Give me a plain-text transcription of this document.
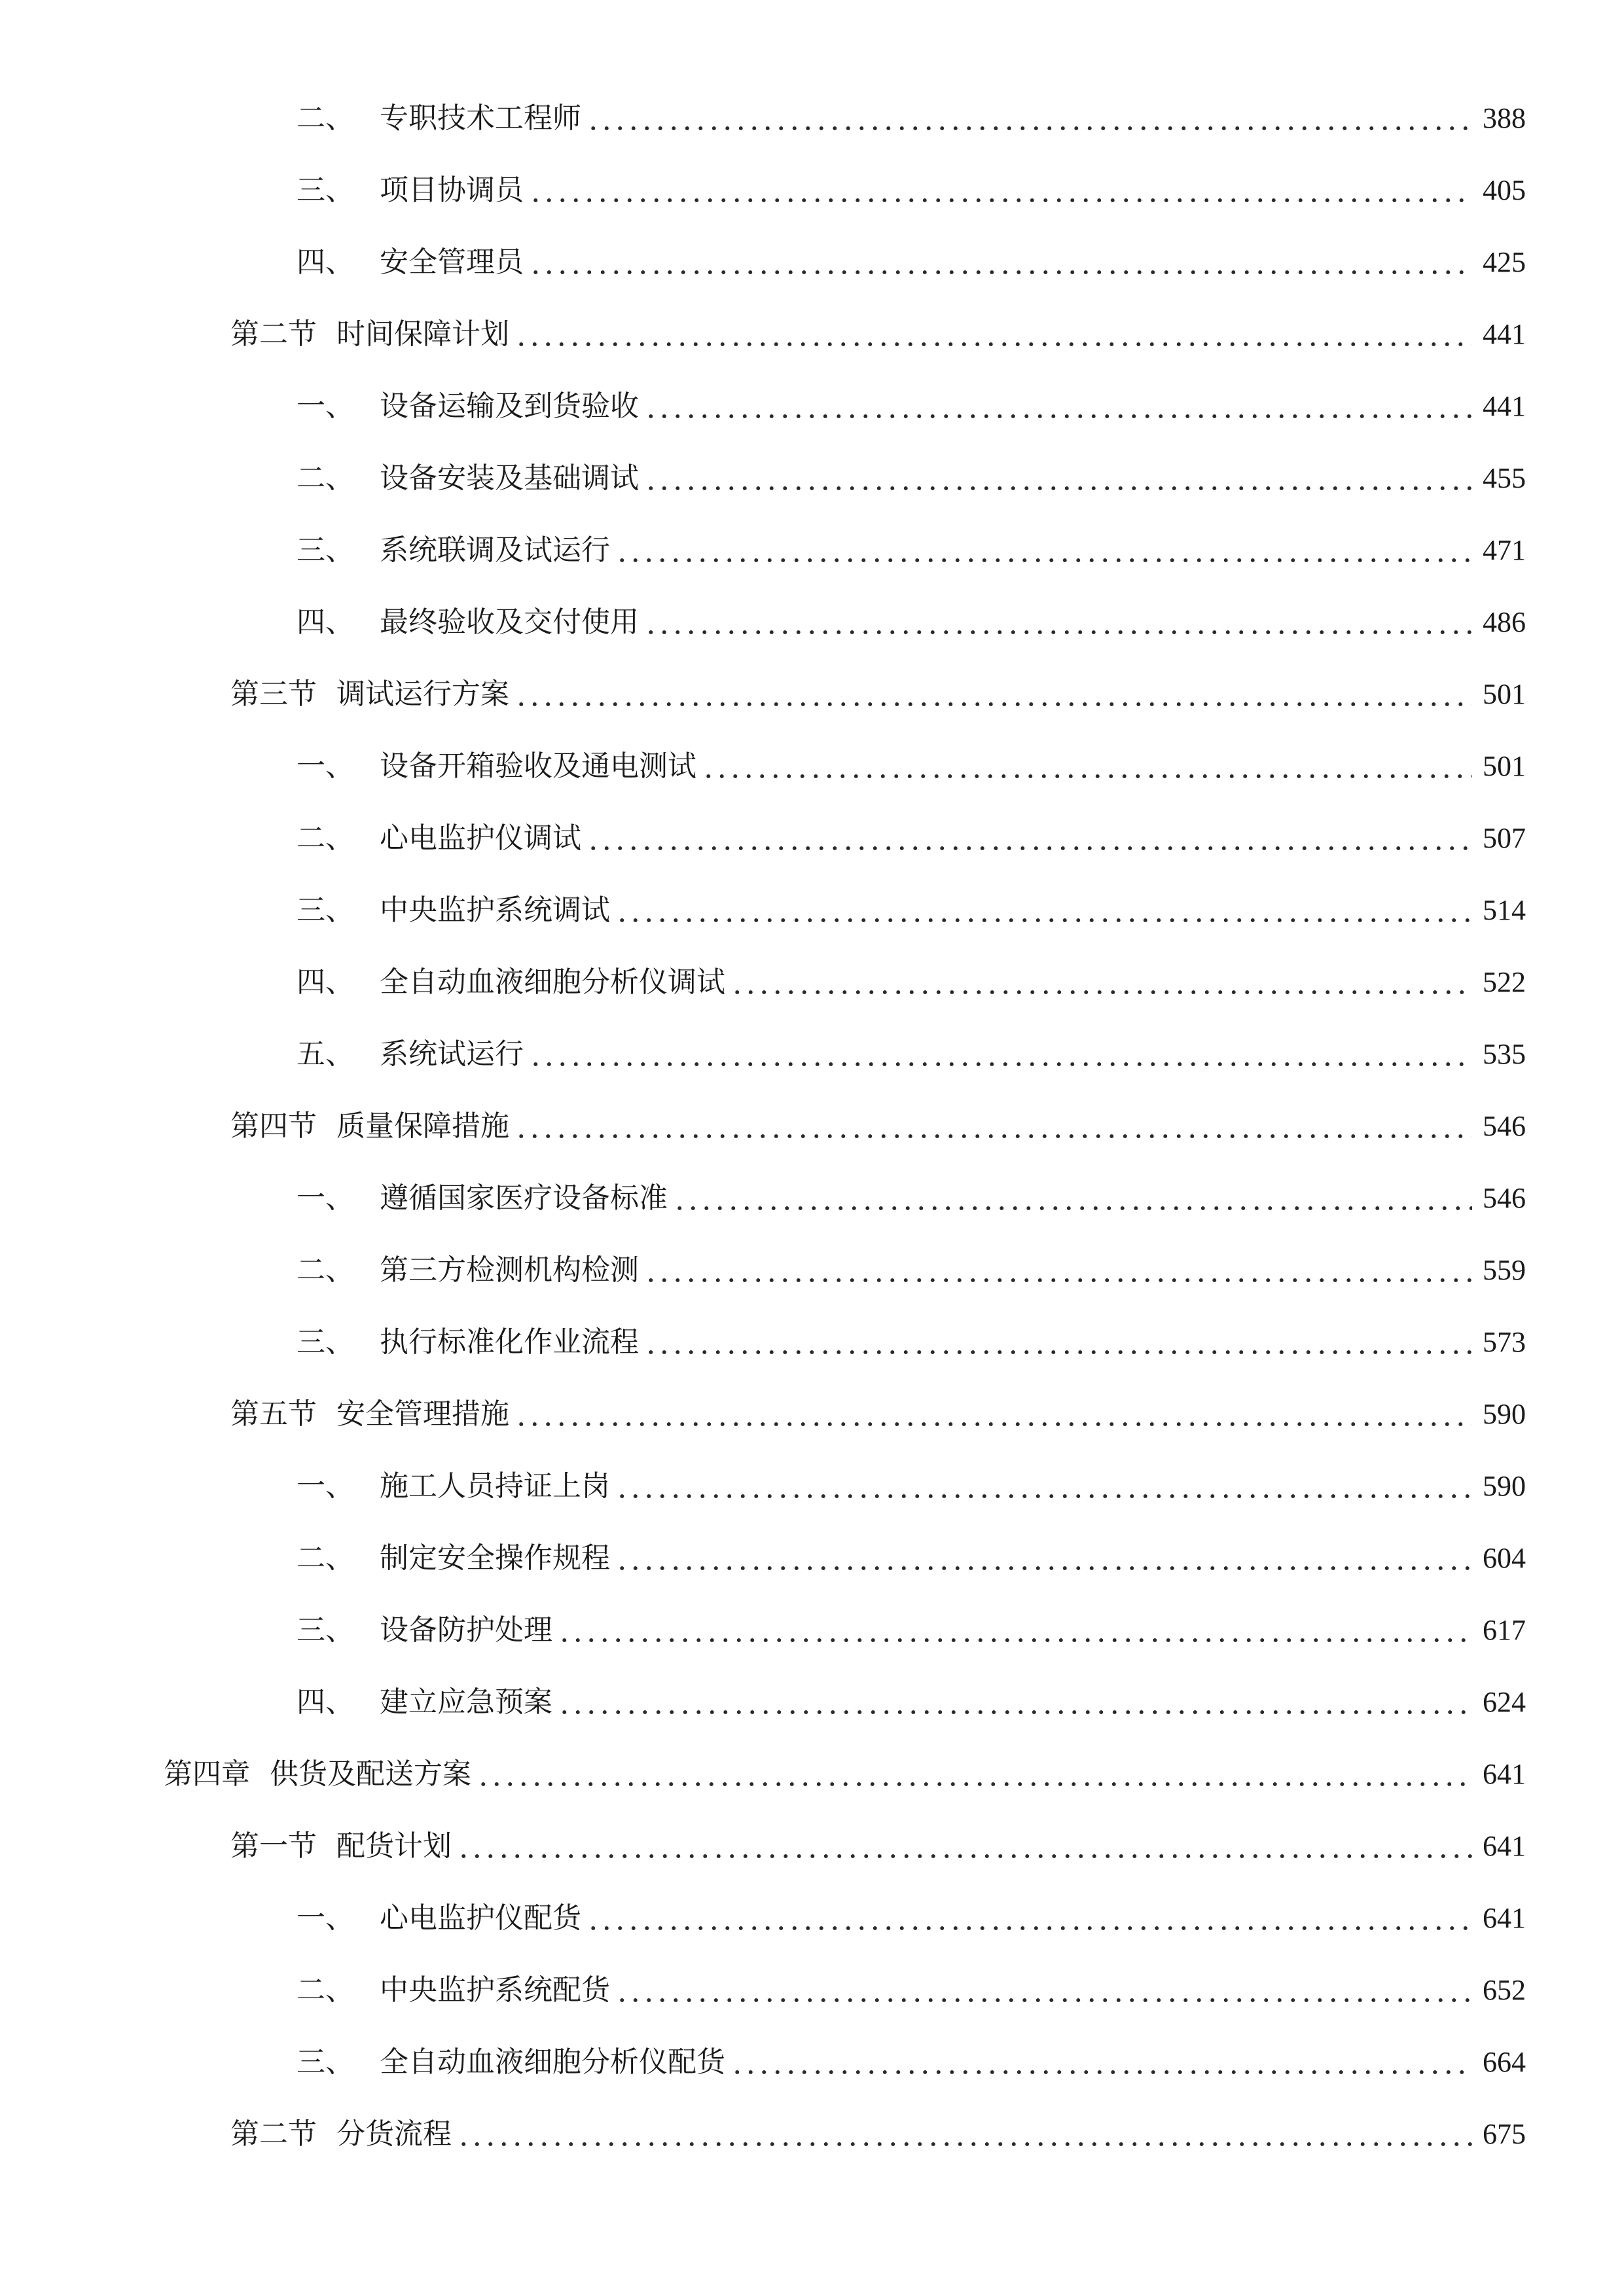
二、 专职技术工程师	388
三、 项目协调员	405
四、 安全管理员	425
第二节 时间保障计划	441
一、 设备运输及到货验收	441
二、 设备安装及基础调试	455
三、 系统联调及试运行	471
四、 最终验收及交付使用	486
第三节 调试运行方案	501
一、 设备开箱验收及通电测试	501
二、 心电监护仪调试	507
三、 中央监护系统调试	514
四、 全自动血液细胞分析仪调试	522
五、 系统试运行	535
第四节 质量保障措施	546
一、 遵循国家医疗设备标准	546
二、 第三方检测机构检测	559
三、 执行标准化作业流程	573
第五节 安全管理措施	590
一、 施工人员持证上岗	590
二、 制定安全操作规程	604
三、 设备防护处理	617
四、 建立应急预案	624
第四章 供货及配送方案	641
第一节 配货计划	641
一、 心电监护仪配货	641
二、 中央监护系统配货	652
三、 全自动血液细胞分析仪配货	664
第二节 分货流程	675
